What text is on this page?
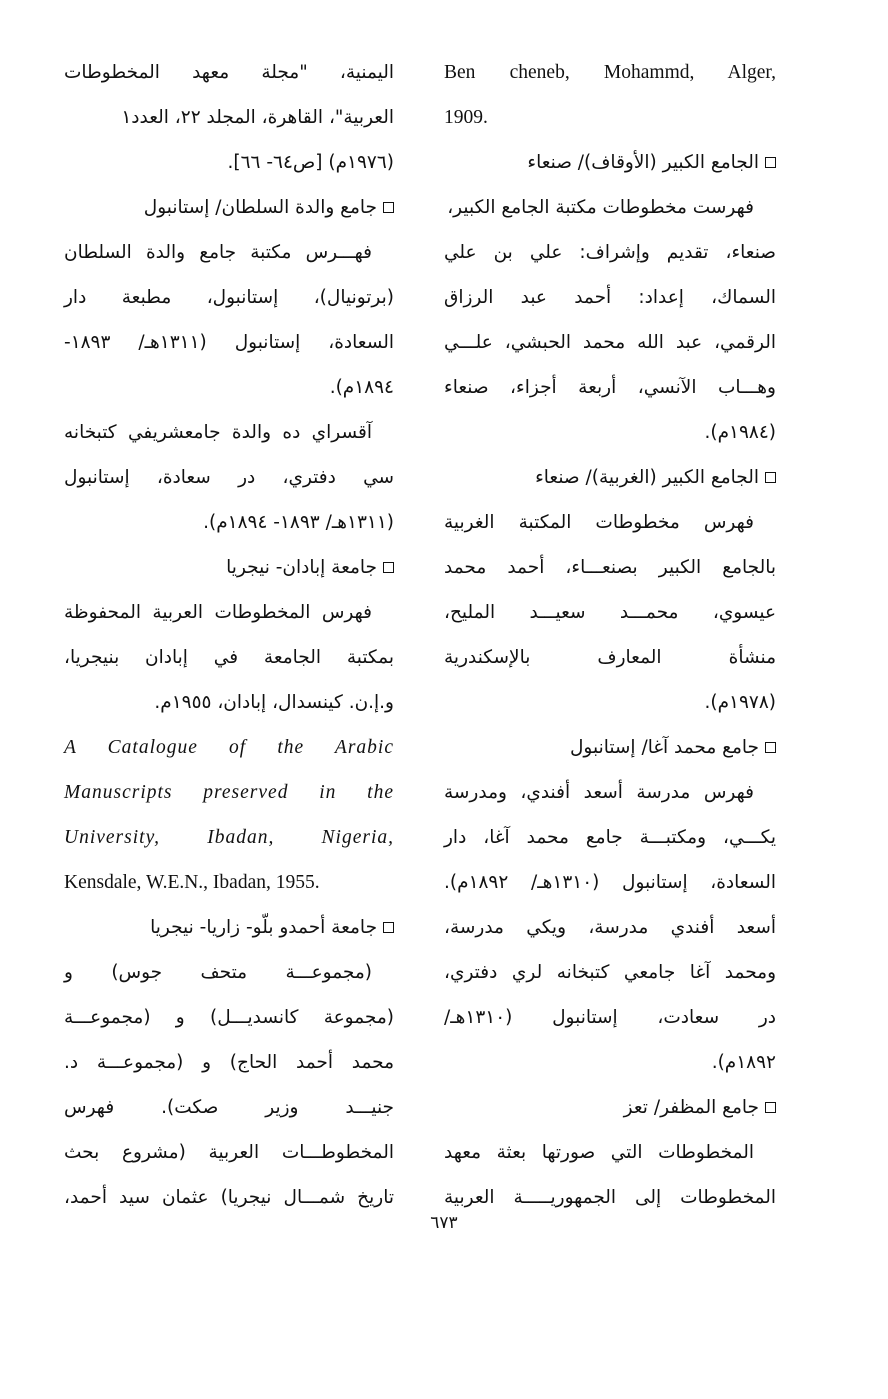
Ben cheneb, Mohammd, Alger,
1909.
الجامع الكبير (الأوقاف)/ صنعاء
فهرست مخطوطات مكتبة الجامع الكبير،
صنعاء، تقديم وإشراف: علي بن علي
السماك، إعداد: أحمد عبد الرزاق
الرقمي، عبد الله محمد الحبشي، علـــي
وهـــاب الآنسي، أربعة أجزاء، صنعاء
(١٩٨٤م).
الجامع الكبير (الغربية)/ صنعاء
فهرس مخطوطات المكتبة الغربية
بالجامع الكبير بصنعـــاء، أحمد محمد
عيسوي، محمـــد سعيـــد المليح،
منشأة المعارف بالإسكندرية
(١٩٧٨م).
جامع محمد آغا/ إستانبول
فهرس مدرسة أسعد أفندي، ومدرسة
يكـــي، ومكتبـــة جامع محمد آغا، دار
السعادة، إستانبول (١٣١٠هـ/ ١٨٩٢م).
أسعد أفندي مدرسة، ويكي مدرسة،
ومحمد آغا جامعي كتبخانه لري دفتري،
در سعادت، إستانبول (١٣١٠هـ/
١٨٩٢م).
جامع المظفر/ تعز
المخطوطات التي صورتها بعثة معهد
المخطوطات إلى الجمهوريـــــة العربية
اليمنية، "مجلة معهد المخطوطات
العربية"، القاهرة، المجلد ٢٢، العدد١
(١٩٧٦م) [ص٦٤- ٦٦].
جامع والدة السلطان/ إستانبول
فهـــرس مكتبة جامع والدة السلطان
(برتونيال)، إستانبول، مطبعة دار
السعادة، إستانبول (١٣١١هـ/ ١٨٩٣-
١٨٩٤م).
آقسراي ده والدة جامعشريفي كتبخانه
سي دفتري، در سعادة، إستانبول
(١٣١١هـ/ ١٨٩٣- ١٨٩٤م).
جامعة إبادان- نيجريا
فهرس المخطوطات العربية المحفوظة
بمكتبة الجامعة في إبادان بنيجريا،
و.إ.ن. كينسدال، إبادان، ١٩٥٥م.
A Catalogue of the Arabic
Manuscripts preserved in the
University, Ibadan, Nigeria,
Kensdale, W.E.N., Ibadan, 1955.
جامعة أحمدو بلّو- زاريا- نيجريا
(مجموعـــة متحف جوس) و
(مجموعة كانسديـــل) و (مجموعـــة
محمد أحمد الحاج) و (مجموعـــة د.
جنيـــد وزير صكت). فهرس
المخطوطـــات العربية (مشروع بحث
تاريخ شمـــال نيجريا) عثمان سيد أحمد،
٦٧٣
